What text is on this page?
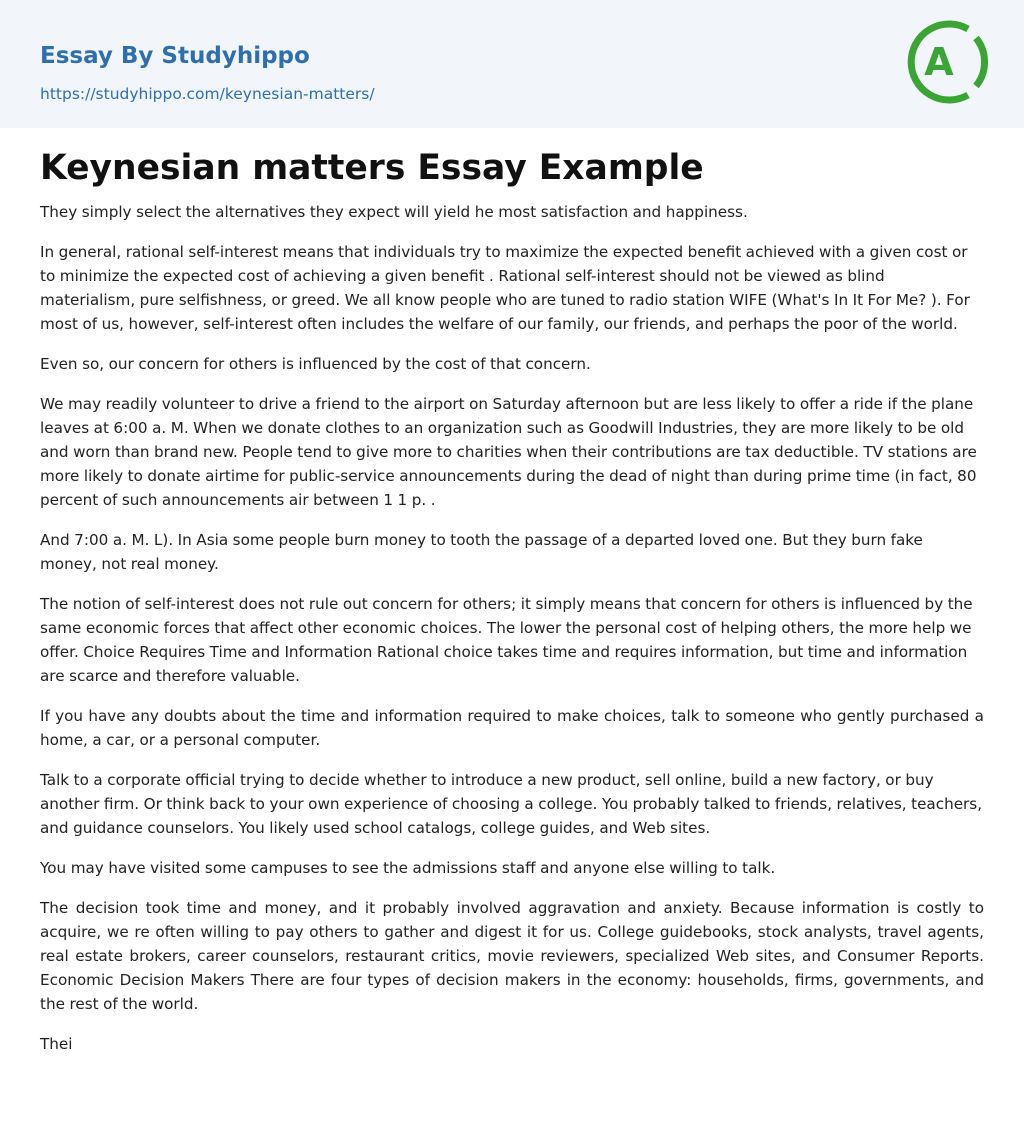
Essay By Studyhippo
https://studyhippo.com/keynesian-matters/
A
Keynesian matters Essay Example

They simply select the alternatives they expect will yield he most satisfaction and happiness.

In general, rational self-interest means that individuals try to maximize the expected benefit achieved with a given cost or to minimize the expected cost of achieving a given benefit . Rational self-interest should not be viewed as blind materialism, pure selfishness, or greed. We all know people who are tuned to radio station WIFE (What's In It For Me? ). For most of us, however, self-interest often includes the welfare of our family, our friends, and perhaps the poor of the world.

Even so, our concern for others is influenced by the cost of that concern.

We may readily volunteer to drive a friend to the airport on Saturday afternoon but are less likely to offer a ride if the plane leaves at 6:00 a. M. When we donate clothes to an organization such as Goodwill Industries, they are more likely to be old and worn than brand new. People tend to give more to charities when their contributions are tax deductible. TV stations are more likely to donate airtime for public-service announcements during the dead of night than during prime time (in fact, 80 percent of such announcements air between 1 1 p. .

And 7:00 a. M. L). In Asia some people burn money to tooth the passage of a departed loved one. But they burn fake money, not real money.

The notion of self-interest does not rule out concern for others; it simply means that concern for others is influenced by the same economic forces that affect other economic choices. The lower the personal cost of helping others, the more help we offer. Choice Requires Time and Information Rational choice takes time and requires information, but time and information are scarce and therefore valuable.

If you have any doubts about the time and information required to make choices, talk to someone who gently purchased a home, a car, or a personal computer.

Talk to a corporate official trying to decide whether to introduce a new product, sell online, build a new factory, or buy another firm. Or think back to your own experience of choosing a college. You probably talked to friends, relatives, teachers, and guidance counselors. You likely used school catalogs, college guides, and Web sites.

You may have visited some campuses to see the admissions staff and anyone else willing to talk.

The decision took time and money, and it probably involved aggravation and anxiety. Because information is costly to acquire, we re often willing to pay others to gather and digest it for us. College guidebooks, stock analysts, travel agents, real estate brokers, career counselors, restaurant critics, movie reviewers, specialized Web sites, and Consumer Reports. Economic Decision Makers There are four types of decision makers in the economy: households, firms, governments, and the rest of the world.

Thei
